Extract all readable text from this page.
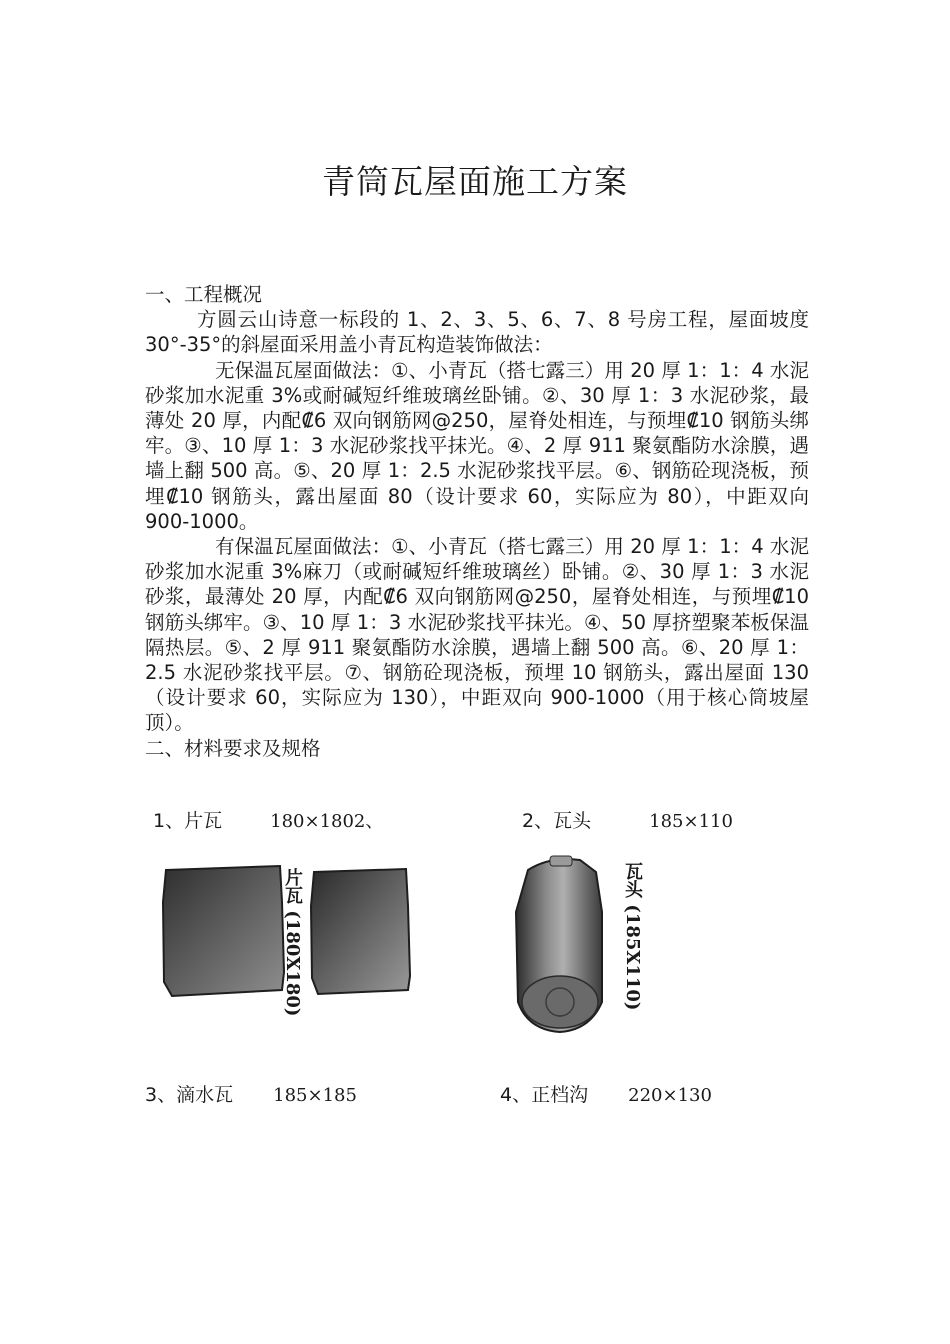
青筒瓦屋面施工方案

一、工程概况

方圆云山诗意一标段的 1、2、3、5、6、7、8 号房工程，屋面坡度 30°-35°的斜屋面采用盖小青瓦构造装饰做法：

无保温瓦屋面做法：①、小青瓦（搭七露三）用 20 厚 1：1：4 水泥砂浆加水泥重 3%或耐碱短纤维玻璃丝卧铺。②、30 厚 1：3 水泥砂浆，最薄处 20 厚，内配₡6 双向钢筋网@250，屋脊处相连，与预埋₡10 钢筋头绑牢。③、10 厚 1：3 水泥砂浆找平抹光。④、2 厚 911 聚氨酯防水涂膜，遇墙上翻 500 高。⑤、20 厚 1：2.5 水泥砂浆找平层。⑥、钢筋砼现浇板，预埋₡10 钢筋头，露出屋面 80（设计要求 60，实际应为 80），中距双向 900-1000。

有保温瓦屋面做法：①、小青瓦（搭七露三）用 20 厚 1：1：4 水泥砂浆加水泥重 3%麻刀（或耐碱短纤维玻璃丝）卧铺。②、30 厚 1：3 水泥砂浆，最薄处 20 厚，内配₡6 双向钢筋网@250，屋脊处相连，与预埋₡10 钢筋头绑牢。③、10 厚 1：3 水泥砂浆找平抹光。④、50 厚挤塑聚苯板保温隔热层。⑤、2 厚 911 聚氨酯防水涂膜，遇墙上翻 500 高。⑥、20 厚 1：2.5 水泥砂浆找平层。⑦、钢筋砼现浇板，预埋 10 钢筋头，露出屋面 130（设计要求 60，实际应为 130），中距双向 900-1000（用于核心筒坡屋顶）。

二、材料要求及规格

1、片瓦	180×1802、	2、瓦头	185×110
片瓦 (180X180)
瓦头 (185X110)
3、滴水瓦 185×185	4、正档沟 220×130
